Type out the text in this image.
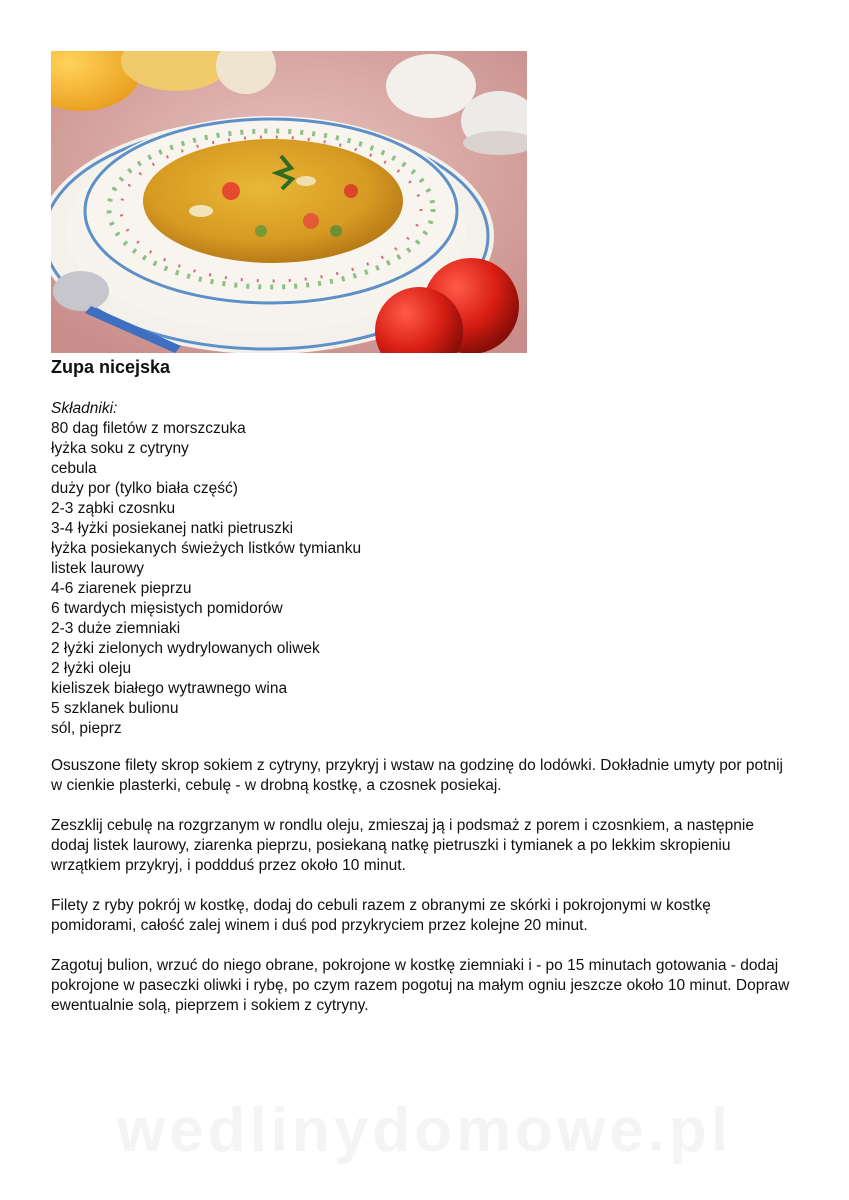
Zupa nicejska
Składniki:
80 dag filetów z morszczuka
łyżka soku z cytryny
cebula
duży por (tylko biała część)
2-3 ząbki czosnku
3-4 łyżki posiekanej natki pietruszki
łyżka posiekanych świeżych listków tymianku
listek laurowy
4-6 ziarenek pieprzu
6 twardych mięsistych pomidorów
2-3 duże ziemniaki
2 łyżki zielonych wydrylowanych oliwek
2 łyżki oleju
kieliszek białego wytrawnego wina
5 szklanek bulionu
sól, pieprz

Osuszone filety skrop sokiem z cytryny, przykryj i wstaw na godzinę do lodówki. Dokładnie umyty por potnij w cienkie plasterki, cebulę - w drobną kostkę, a czosnek posiekaj.

Zeszklij cebulę na rozgrzanym w rondlu oleju, zmieszaj ją i podsmaż z porem i czosnkiem, a następnie dodaj listek laurowy, ziarenka pieprzu, posiekaną natkę pietruszki i tymianek a po lekkim skropieniu wrzątkiem przykryj, i poddduś przez około 10 minut.

Filety z ryby pokrój w kostkę, dodaj do cebuli razem z obranymi ze skórki i pokrojonymi w kostkę pomidorami, całość zalej winem i duś pod przykryciem przez kolejne 20 minut.

Zagotuj bulion, wrzuć do niego obrane, pokrojone w kostkę ziemniaki i - po 15 minutach gotowania - dodaj pokrojone w paseczki oliwki i rybę, po czym razem pogotuj na małym ogniu jeszcze około 10 minut. Dopraw ewentualnie solą, pieprzem i sokiem z cytryny.

wedlinydomowe.pl
